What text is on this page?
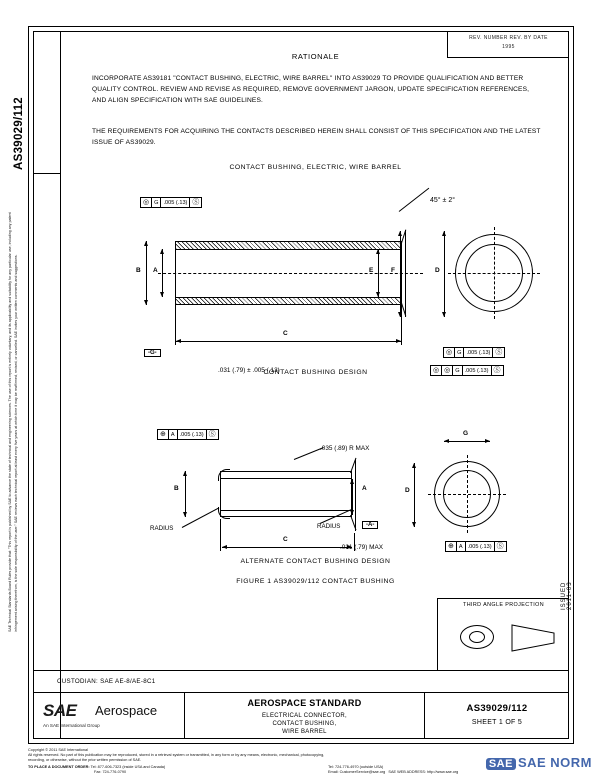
AS39029/112
SAE Technical Standards Board Rules provide that: "This report is published by SAE to advance the state of technical and engineering sciences. The use of this report is entirely voluntary, and its applicability and suitability for any particular use, including any patent infringement arising therefrom, is the sole responsibility of the user." SAE reviews each technical report at least every five years at which time it may be reaffirmed, revised, or cancelled. SAE invites your written comments and suggestions.
REV. NUMBER REV. BY DATE
1995
ISSUED 2011-03
RATIONALE
INCORPORATE AS39181 "CONTACT BUSHING, ELECTRIC, WIRE BARREL" INTO AS39029 TO PROVIDE QUALIFICATION AND BETTER QUALITY CONTROL. REVIEW AND REVISE AS REQUIRED, REMOVE GOVERNMENT JARGON, UPDATE SPECIFICATION REFERENCES, AND ALIGN SPECIFICATION WITH SAE GUIDELINES.
THE REQUIREMENTS FOR ACQUIRING THE CONTACTS DESCRIBED HEREIN SHALL CONSIST OF THIS SPECIFICATION AND THE LATEST ISSUE OF AS39029.
CONTACT BUSHING, ELECTRIC, WIRE BARREL
◎ G .005 (.13) Ⓢ	45° ± 2°
B A	E	F	D
C
-G-	◎ G .005 (.13) Ⓢ
◎ ◎ G .005 (.13) Ⓢ
.031 (.79) ± .005 (.13)
CONTACT BUSHING DESIGN
⊕ A .005 (.13) Ⓢ
RADIUS	RADIUS
.035 (.89) R MAX
B	A
C
-A-
.031 (.79) MAX
G
D
⊕ A .005 (.13) Ⓢ
ALTERNATE CONTACT BUSHING DESIGN
FIGURE 1 AS39029/112 CONTACT BUSHING
THIRD ANGLE PROJECTION
CUSTODIAN: SAE AE-8/AE-8C1
SAE Aerospace
An SAE International Group
AEROSPACE STANDARD
ELECTRICAL CONNECTOR,
CONTACT BUSHING,
WIRE BARREL
AS39029/112
SHEET 1 OF 5
Copyright © 2011 SAE International
All rights reserved. No part of this publication may be reproduced, stored in a retrieval system or transmitted, in any form or by any means, electronic, mechanical, photocopying,
recording, or otherwise, without the prior written permission of SAE.
TO PLACE A DOCUMENT ORDER: Tel: 877-606-7323 (inside USA and Canada)
Fax: 724-776-0790
Tel: 724-776-4970 (outside USA)
Email: CustomerService@sae.org SAE WEB ADDRESS: http://www.sae.org
SAE SAE NORM
